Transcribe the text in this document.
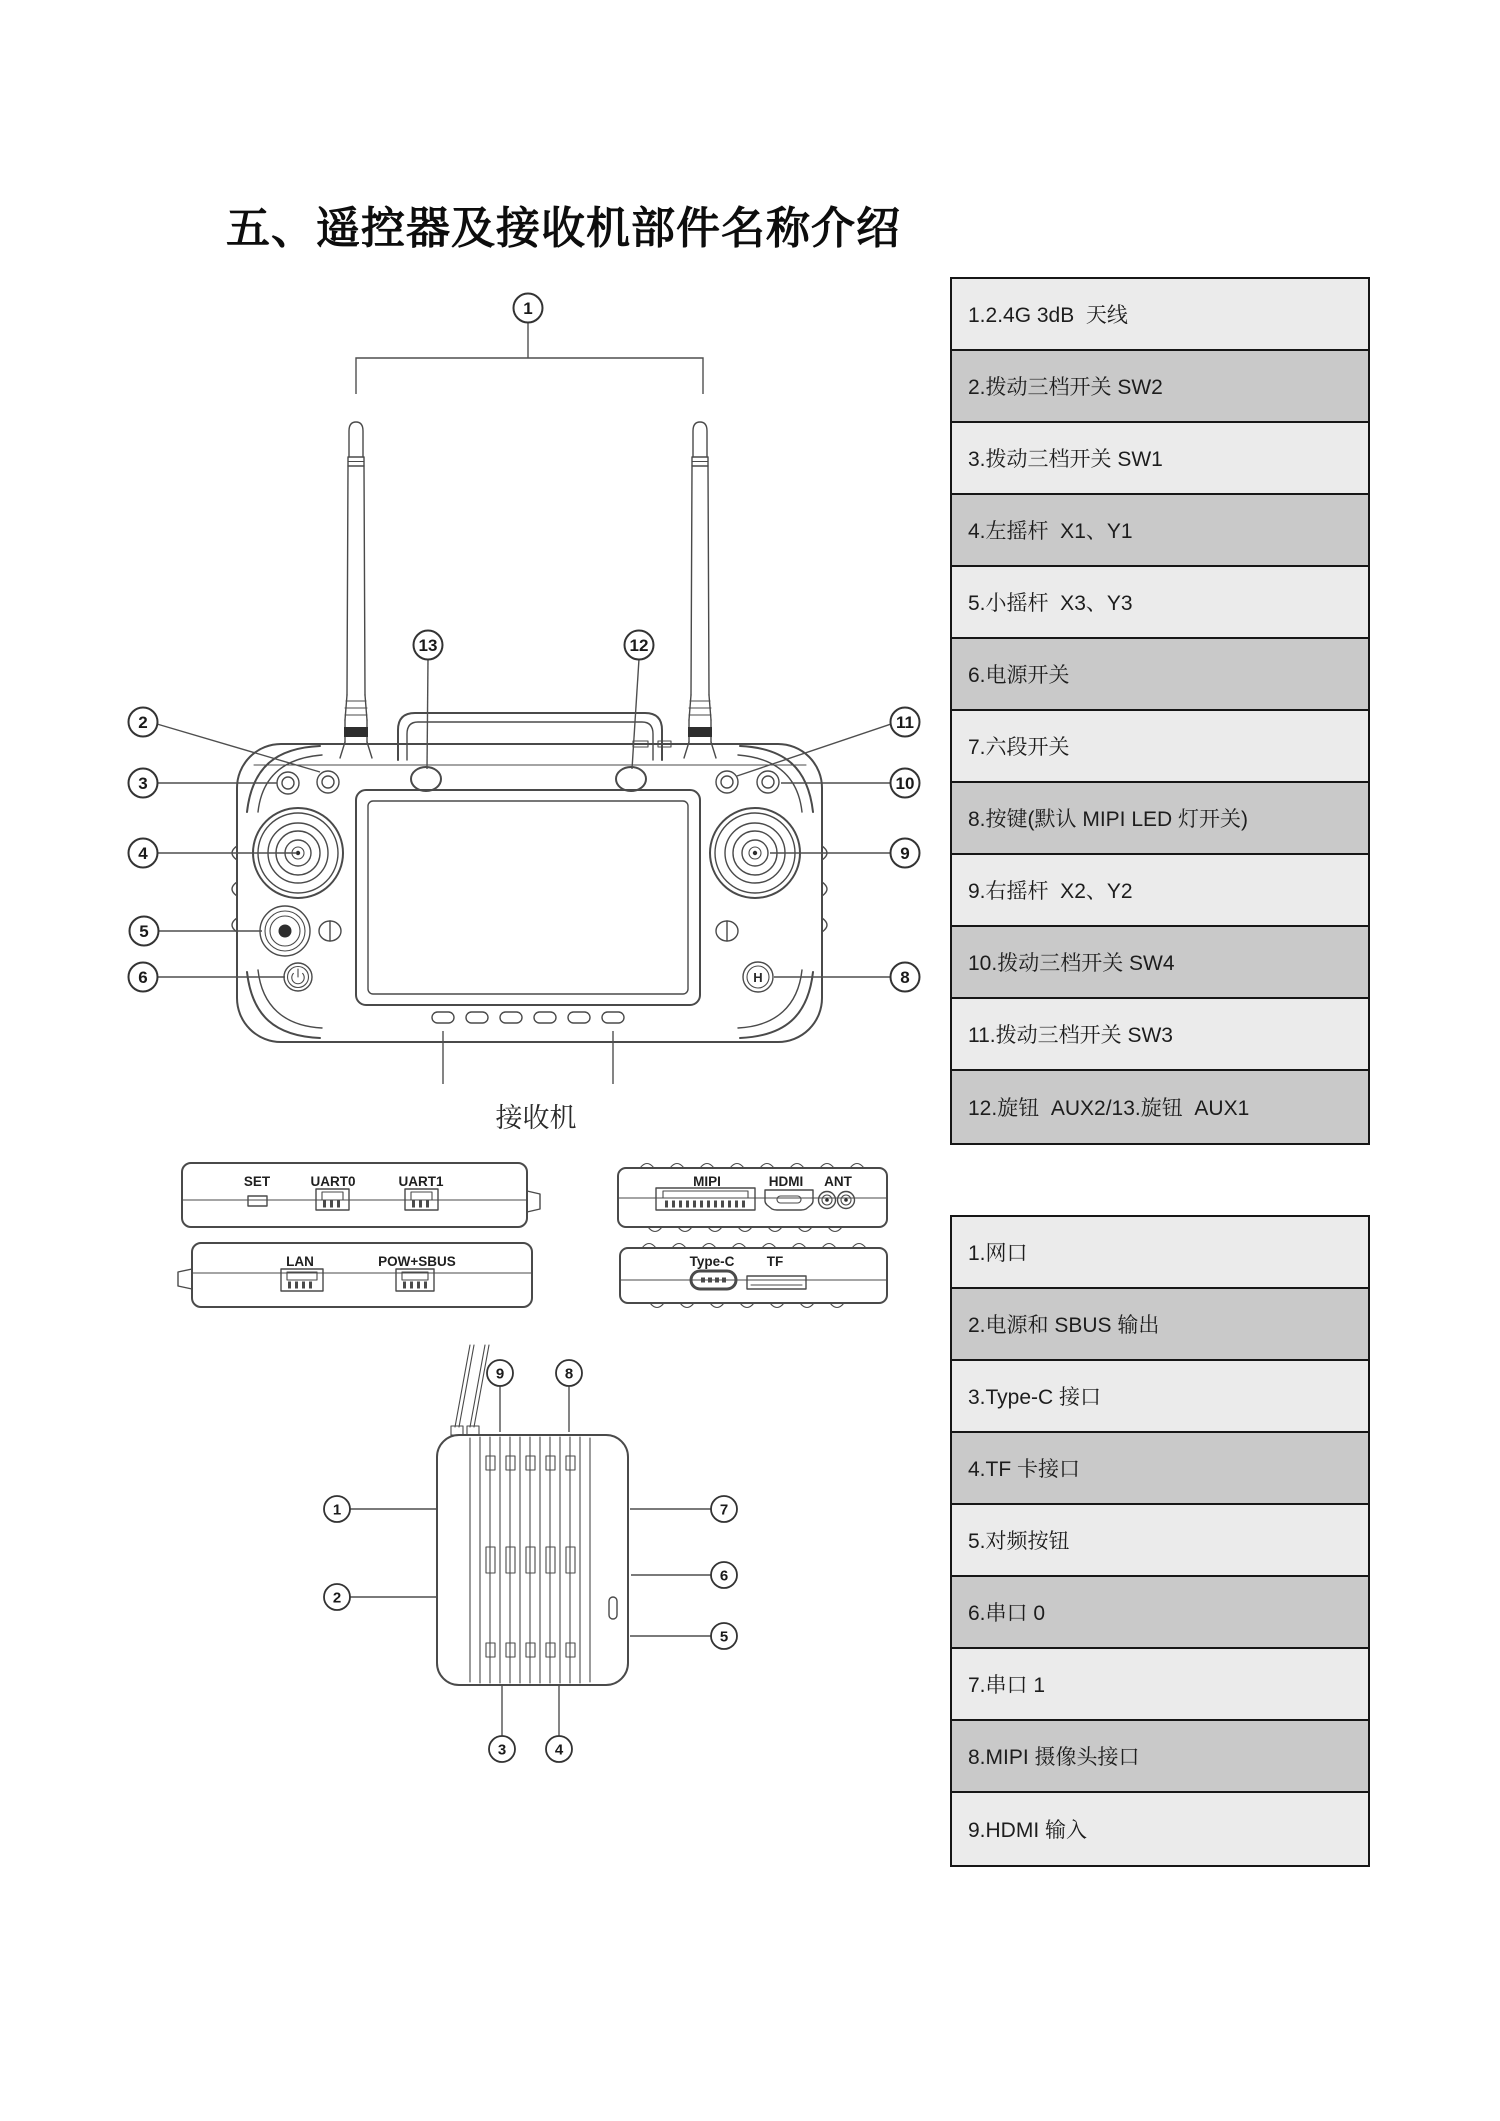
五、遥控器及接收机部件名称介绍
1.2.4G 3dB  天线
2.拨动三档开关 SW2
3.拨动三档开关 SW1
4.左摇杆  X1、Y1
5.小摇杆  X3、Y3
6.电源开关
7.六段开关
8.按键(默认 MIPI LED 灯开关)
9.右摇杆  X2、Y2
10.拨动三档开关 SW4
11.拨动三档开关 SW3
12.旋钮  AUX2/13.旋钮  AUX1
1.网口
2.电源和 SBUS 输出
3.Type-C 接口
4.TF 卡接口
5.对频按钮
6.串口 0
7.串口 1
8.MIPI 摄像头接口
9.HDMI 输入
接收机
1
H
2
3
4
5
6
11
10
9
8
13	12
SET	UART0	UART1
LAN	POW+SBUS
MIPI	HDMI ANT
Type-C TF
9	8
1
2
7
6
5
3	4
